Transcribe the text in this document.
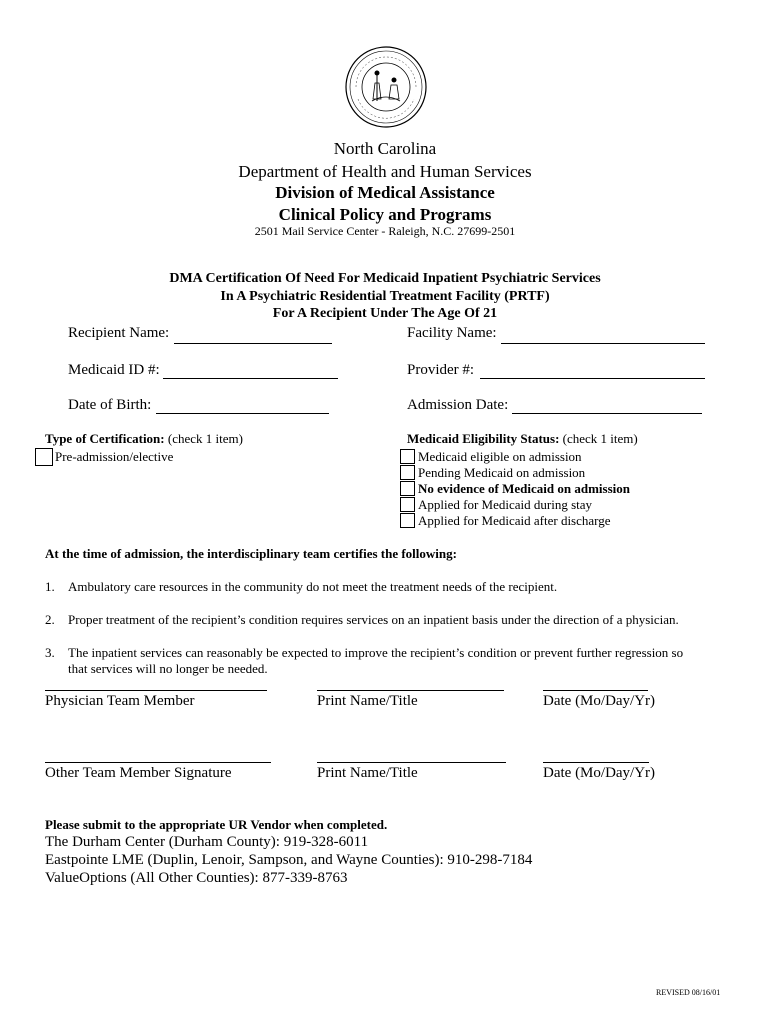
North Carolina
Department of Health and Human Services
Division of Medical Assistance
Clinical Policy and Programs
2501 Mail Service Center - Raleigh, N.C. 27699-2501
DMA Certification Of Need For Medicaid Inpatient Psychiatric Services
In A Psychiatric Residential Treatment Facility (PRTF)
For A Recipient Under The Age Of 21
Recipient Name:	Facility Name:
Medicaid ID #:	Provider #:
Date of Birth:	Admission Date:
Type of Certification: (check 1 item)
Pre-admission/elective
Medicaid Eligibility Status: (check 1 item)
Medicaid eligible on admission
Pending Medicaid on admission
No evidence of Medicaid on admission
Applied for Medicaid during stay
Applied for Medicaid after discharge
At the time of admission, the interdisciplinary team certifies the following:
1. Ambulatory care resources in the community do not meet the treatment needs of the recipient.
2. Proper treatment of the recipient’s condition requires services on an inpatient basis under the direction of a physician.
3. The inpatient services can reasonably be expected to improve the recipient’s condition or prevent further regression so
that services will no longer be needed.
Physician Team Member	Print Name/Title	Date (Mo/Day/Yr)
Other Team Member Signature	Print Name/Title	Date (Mo/Day/Yr)
Please submit to the appropriate UR Vendor when completed.
The Durham Center (Durham County): 919-328-6011
Eastpointe LME (Duplin, Lenoir, Sampson, and Wayne Counties): 910-298-7184
ValueOptions (All Other Counties): 877-339-8763
REVISED 08/16/01
